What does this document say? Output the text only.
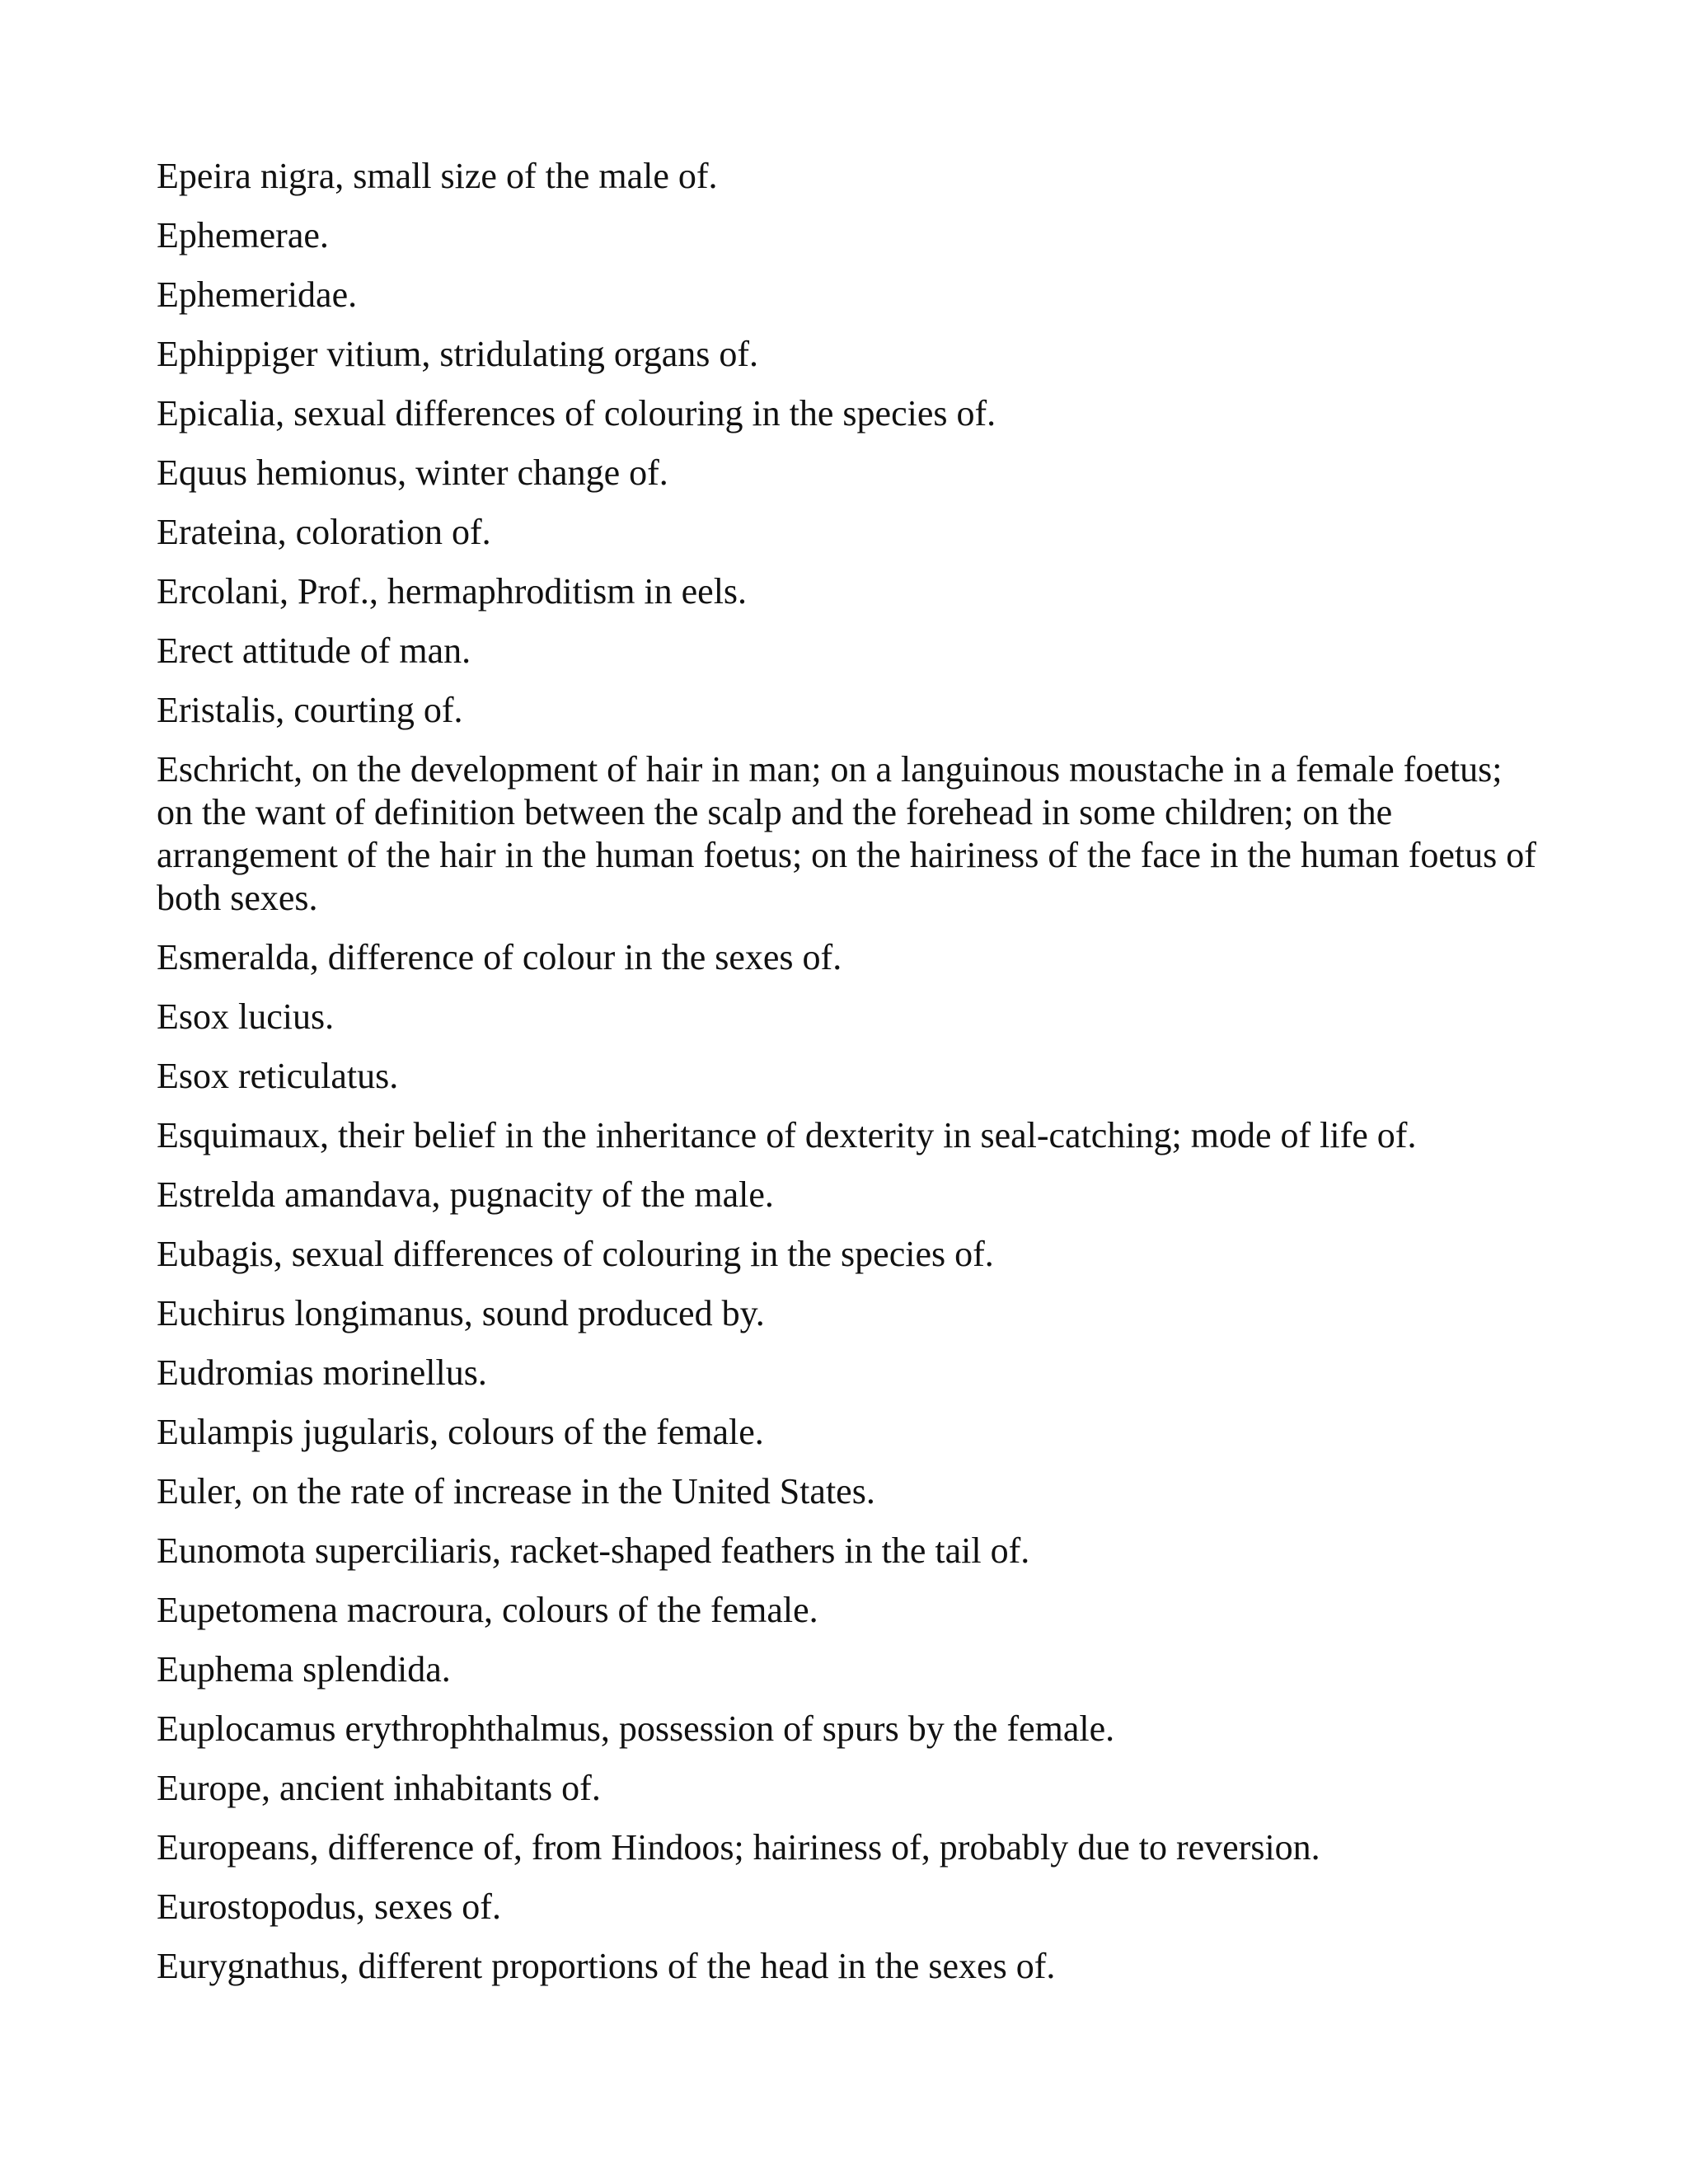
Epeira nigra, small size of the male of.
Ephemerae.
Ephemeridae.
Ephippiger vitium, stridulating organs of.
Epicalia, sexual differences of colouring in the species of.
Equus hemionus, winter change of.
Erateina, coloration of.
Ercolani, Prof., hermaphroditism in eels.
Erect attitude of man.
Eristalis, courting of.
Eschricht, on the development of hair in man; on a languinous moustache in a female foetus; on the want of definition between the scalp and the forehead in some children; on the arrangement of the hair in the human foetus; on the hairiness of the face in the human foetus of both sexes.
Esmeralda, difference of colour in the sexes of.
Esox lucius.
Esox reticulatus.
Esquimaux, their belief in the inheritance of dexterity in seal-catching; mode of life of.
Estrelda amandava, pugnacity of the male.
Eubagis, sexual differences of colouring in the species of.
Euchirus longimanus, sound produced by.
Eudromias morinellus.
Eulampis jugularis, colours of the female.
Euler, on the rate of increase in the United States.
Eunomota superciliaris, racket-shaped feathers in the tail of.
Eupetomena macroura, colours of the female.
Euphema splendida.
Euplocamus erythrophthalmus, possession of spurs by the female.
Europe, ancient inhabitants of.
Europeans, difference of, from Hindoos; hairiness of, probably due to reversion.
Eurostopodus, sexes of.
Eurygnathus, different proportions of the head in the sexes of.
